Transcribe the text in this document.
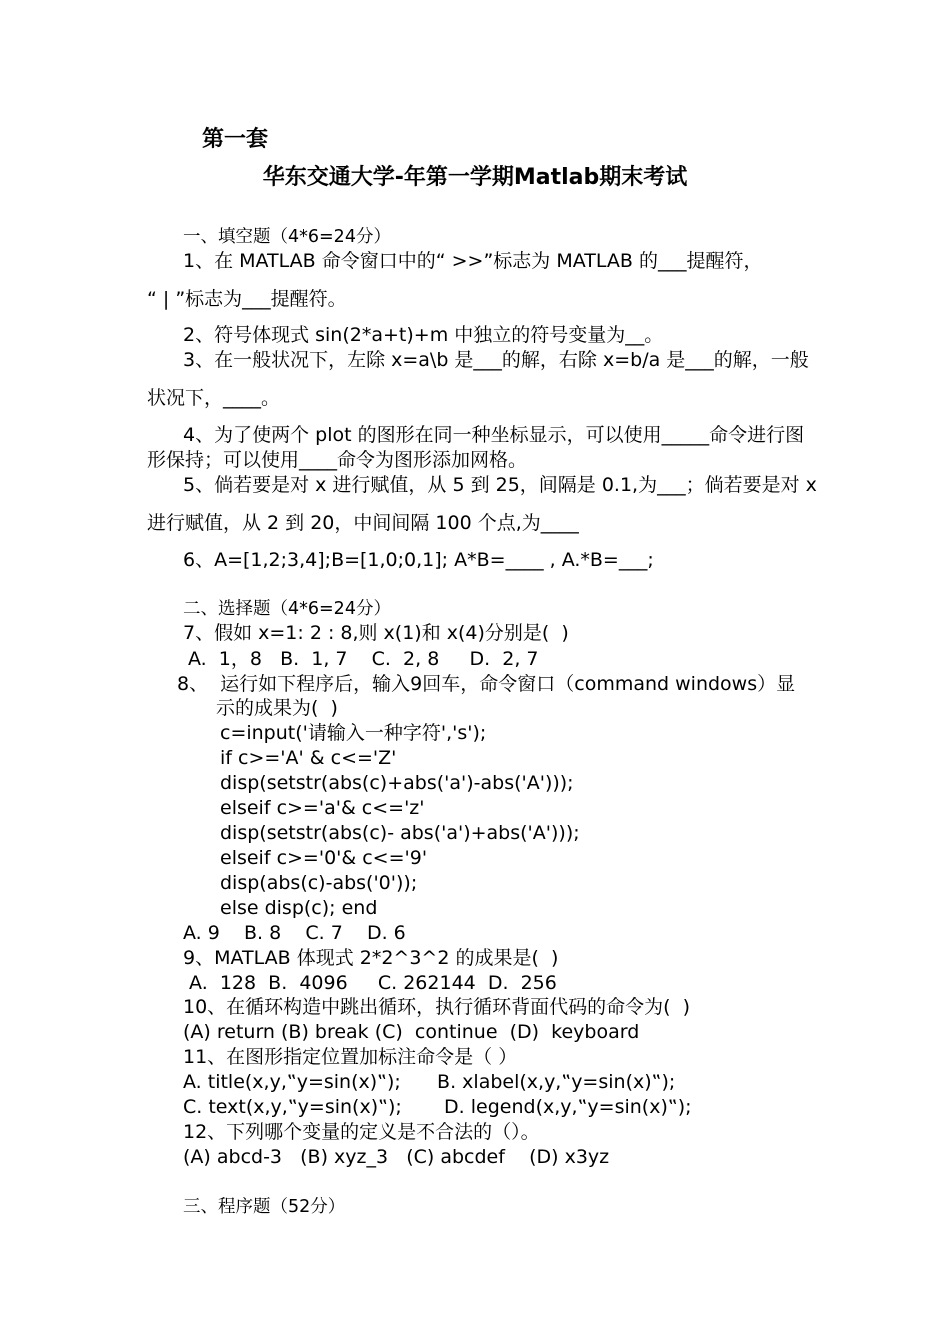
第一套
华东交通大学-年第一学期Matlab期末考试
一、填空题（4*6=24分）
1、在 MATLAB 命令窗口中的“ >>”标志为 MATLAB 的___提醒符，
“ | ”标志为___提醒符。
2、符号体现式 sin(2*a+t)+m 中独立的符号变量为__。
3、在一般状况下，左除 x=a\b 是___的解，右除 x=b/a 是___的解，一般
状况下，____。
4、为了使两个 plot 的图形在同一种坐标显示，可以使用_____命令进行图
形保持；可以使用____命令为图形添加网格。
5、倘若要是对 x 进行赋值，从 5 到 25，间隔是 0.1,为___；倘若要是对 x
进行赋值，从 2 到 20，中间间隔 100 个点,为____
6、A=[1,2;3,4];B=[1,0;0,1]; A*B=____ , A.*B=___;
二、选择题（4*6=24分）
7、假如 x=1: 2 : 8,则 x(1)和 x(4)分别是(  )
A.  1，8   B.  1, 7    C.  2, 8     D.  2, 7
8、  运行如下程序后，输入9回车，命令窗口（command windows）显
示的成果为(  )
c=input('请输入一种字符','s');
if c>='A' & c<='Z'
disp(setstr(abs(c)+abs('a')-abs('A')));
elseif c>='a'& c<='z'
disp(setstr(abs(c)- abs('a')+abs('A')));
elseif c>='0'& c<='9'
disp(abs(c)-abs('0'));
else disp(c); end
A. 9    B. 8    C. 7    D. 6
9、MATLAB 体现式 2*2^3^2 的成果是(  )
A.  128  B.  4096     C. 262144  D.  256
10、在循环构造中跳出循环，执行循环背面代码的命令为(  )
(A) return (B) break (C)  continue  (D)  keyboard
11、在图形指定位置加标注命令是（ ）
A. title(x,y,‟y=sin(x)‟);      B. xlabel(x,y,‟y=sin(x)‟);
C. text(x,y,‟y=sin(x)‟);       D. legend(x,y,‟y=sin(x)‟);
12、下列哪个变量的定义是不合法的（）。
(A) abcd-3   (B) xyz_3   (C) abcdef    (D) x3yz
三、程序题（52分）
